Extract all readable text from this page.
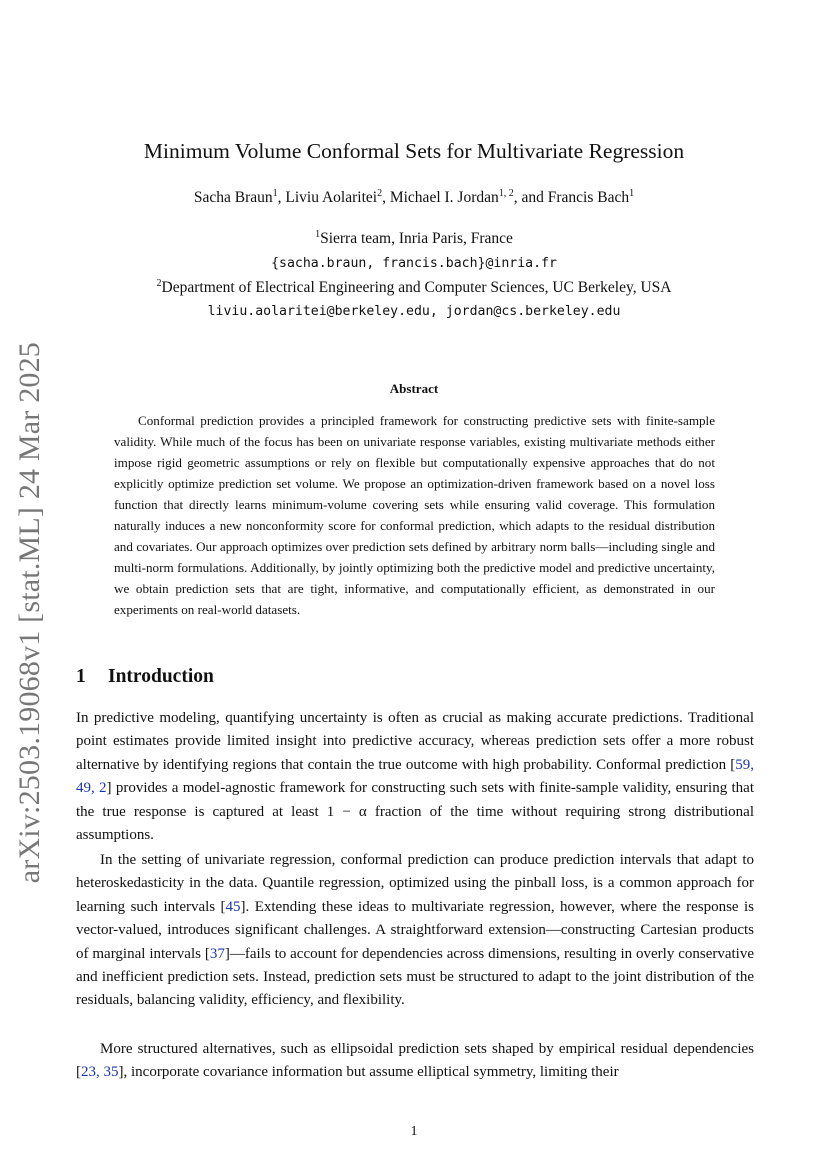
arXiv:2503.19068v1 [stat.ML] 24 Mar 2025
Minimum Volume Conformal Sets for Multivariate Regression
Sacha Braun$^1$, Liviu Aolaritei$^2$, Michael I. Jordan$^{1, 2}$, and Francis Bach$^1$
$^1$Sierra team, Inria Paris, France
{sacha.braun, francis.bach}@inria.fr
$^2$Department of Electrical Engineering and Computer Sciences, UC Berkeley, USA
liviu.aolaritei@berkeley.edu, jordan@cs.berkeley.edu
Abstract

Conformal prediction provides a principled framework for constructing predictive sets with finite-sample validity. While much of the focus has been on univariate response variables, existing multivariate methods either impose rigid geometric assumptions or rely on flexible but computationally expensive approaches that do not explicitly optimize prediction set volume. We propose an optimization-driven framework based on a novel loss function that directly learns minimum-volume covering sets while ensuring valid coverage. This formulation naturally induces a new nonconformity score for conformal prediction, which adapts to the residual distribution and covariates. Our approach optimizes over prediction sets defined by arbitrary norm balls—including single and multi-norm formulations. Additionally, by jointly optimizing both the predictive model and predictive uncertainty, we obtain prediction sets that are tight, informative, and computationally efficient, as demonstrated in our experiments on real-world datasets.

1 Introduction

In predictive modeling, quantifying uncertainty is often as crucial as making accurate predictions. Traditional point estimates provide limited insight into predictive accuracy, whereas prediction sets offer a more robust alternative by identifying regions that contain the true outcome with high probability. Conformal prediction [59, 49, 2] provides a model-agnostic framework for constructing such sets with finite-sample validity, ensuring that the true response is captured at least 1 − α fraction of the time without requiring strong distributional assumptions.

In the setting of univariate regression, conformal prediction can produce prediction intervals that adapt to heteroskedasticity in the data. Quantile regression, optimized using the pinball loss, is a common approach for learning such intervals [45]. Extending these ideas to multivariate regression, however, where the response is vector-valued, introduces significant challenges. A straightforward extension—constructing Cartesian products of marginal intervals [37]—fails to account for dependencies across dimensions, resulting in overly conservative and inefficient prediction sets. Instead, prediction sets must be structured to adapt to the joint distribution of the residuals, balancing validity, efficiency, and flexibility.

More structured alternatives, such as ellipsoidal prediction sets shaped by empirical residual dependencies [23, 35], incorporate covariance information but assume elliptical symmetry, limiting their

1
